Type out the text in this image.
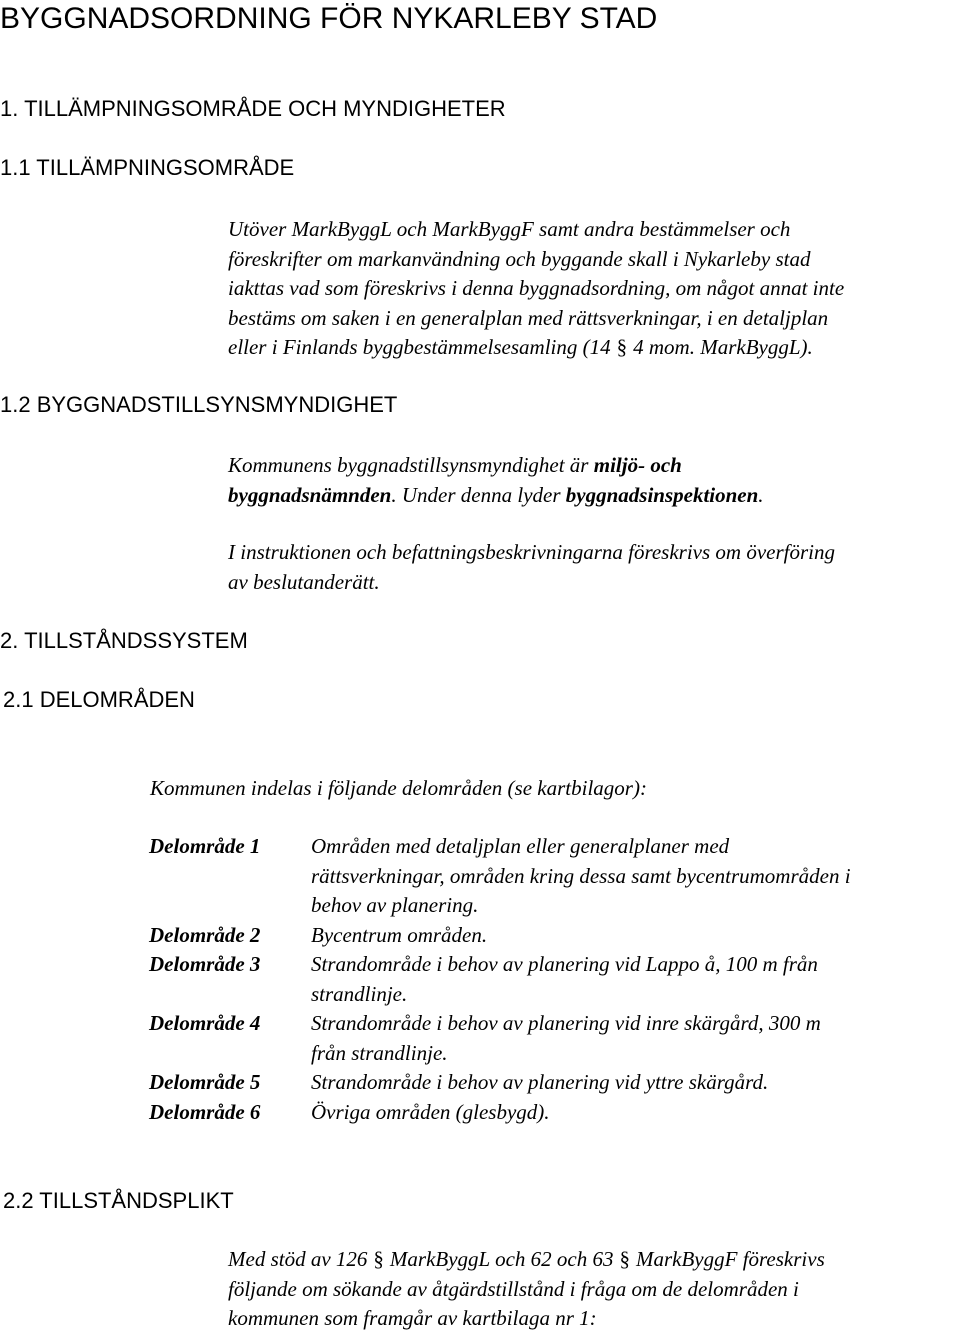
BYGGNADSORDNING FÖR NYKARLEBY STAD
1. TILLÄMPNINGSOMRÅDE OCH MYNDIGHETER
1.1 TILLÄMPNINGSOMRÅDE

Utöver MarkByggL och MarkByggF samt andra bestämmelser och

föreskrifter om markanvändning och byggande skall i Nykarleby stad

iakttas vad som föreskrivs i denna byggnadsordning, om något annat inte

bestäms om saken i en generalplan med rättsverkningar, i en detaljplan

eller i Finlands byggbestämmelsesamling (14 § 4 mom. MarkByggL).

1.2 BYGGNADSTILLSYNSMYNDIGHET

Kommunens byggnadstillsynsmyndighet är miljö- och

byggnadsnämnden. Under denna lyder byggnadsinspektionen.

I instruktionen och befattningsbeskrivningarna föreskrivs om överföring

av beslutanderätt.

2. TILLSTÅNDSSYSTEM
2.1 DELOMRÅDEN
Kommunen indelas i följande delområden (se kartbilagor):
Delområde 1	Områden med detaljplan eller generalplaner med
rättsverkningar, områden kring dessa samt bycentrumområden i
behov av planering.
Delområde 2	Bycentrum områden.
Delområde 3	Strandområde i behov av planering vid Lappo å, 100 m från
strandlinje.
Delområde 4	Strandområde i behov av planering vid inre skärgård, 300 m
från strandlinje.
Delområde 5	Strandområde i behov av planering vid yttre skärgård.
Delområde 6	Övriga områden (glesbygd).
2.2 TILLSTÅNDSPLIKT

Med stöd av 126 § MarkByggL och 62 och 63 § MarkByggF föreskrivs

följande om sökande av åtgärdstillstånd i fråga om de delområden i

kommunen som framgår av kartbilaga nr 1:
